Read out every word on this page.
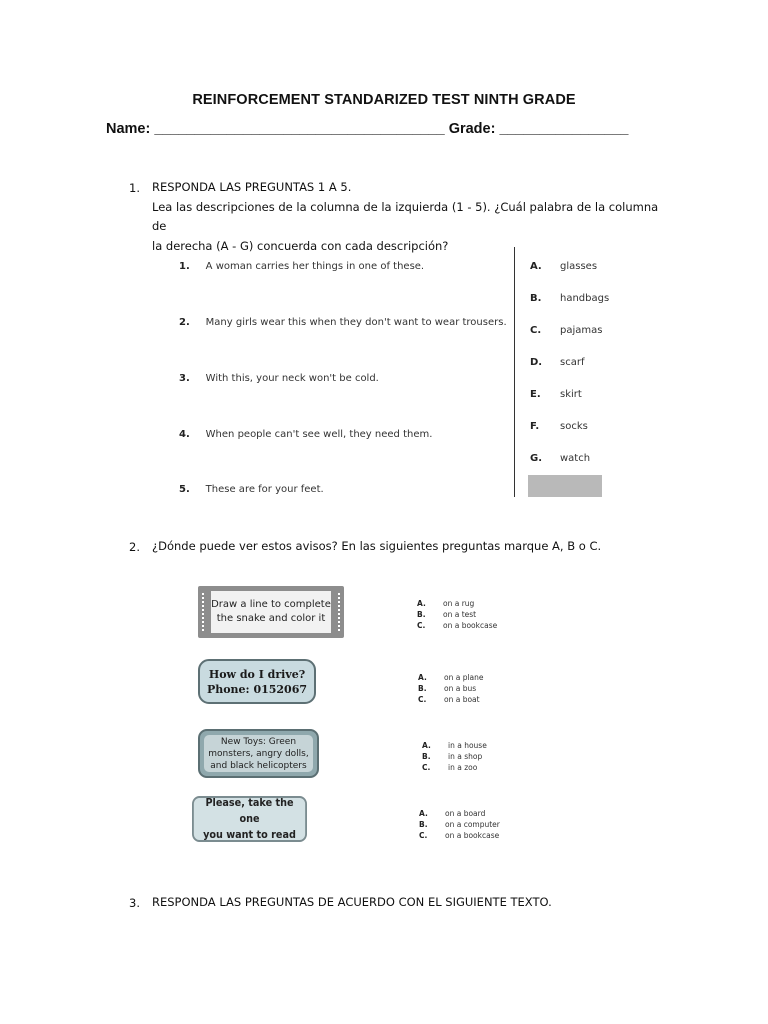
REINFORCEMENT STANDARIZED TEST NINTH GRADE
Name: ____________________________________ Grade: ________________
1. RESPONDA LAS PREGUNTAS 1 A 5.
Lea las descripciones de la columna de la izquierda (1 - 5). ¿Cuál palabra de la columna de
la derecha (A - G) concuerda con cada descripción?
1. A woman carries her things in one of these.
2. Many girls wear this when they don't want to wear trousers.
3. With this, your neck won't be cold.
4. When people can't see well, they need them.
5. These are for your feet.
A. glasses
B. handbags
C. pajamas
D. scarf
E. skirt
F. socks
G. watch
2. ¿Dónde puede ver estos avisos? En las siguientes preguntas marque A, B o C.
Draw a line to complete
the snake and color it
A. on a rug
B. on a test
C. on a bookcase
How do I drive?
Phone: 0152067
A. on a plane
B. on a bus
C. on a boat
New Toys: Green
monsters, angry dolls,
and black helicopters
A. in a house
B. in a shop
C. in a zoo
Please, take the one
you want to read
A. on a board
B. on a computer
C. on a bookcase
3. RESPONDA LAS PREGUNTAS DE ACUERDO CON EL SIGUIENTE TEXTO.
